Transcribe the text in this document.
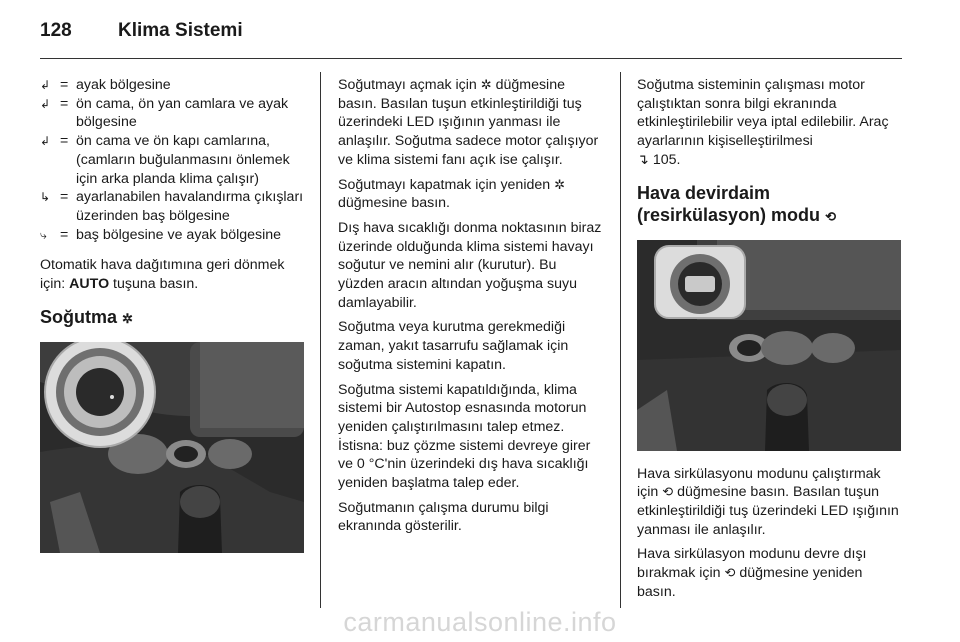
128 Klima Sistemi
↲ = ayak bölgesine
↲ = ön cama, ön yan camlara ve ayak bölgesine
↲ = ön cama ve ön kapı camlarına, (camların buğulanmasını önlemek için arka planda klima çalışır)
↳ = ayarlanabilen havalandırma çıkışları üzerinden baş bölgesine
⤷ = baş bölgesine ve ayak bölgesine

Otomatik hava dağıtımına geri dönmek için: AUTO tuşuna basın.

Soğutma ✲

Soğutmayı açmak için ✲ düğmesine basın. Basılan tuşun etkinleştirildiği tuş üzerindeki LED ışığının yanması ile anlaşılır. Soğutma sadece motor çalışıyor ve klima sistemi fanı açık ise çalışır.

Soğutmayı kapatmak için yeniden ✲ düğmesine basın.

Dış hava sıcaklığı donma noktasının biraz üzerinde olduğunda klima sistemi havayı soğutur ve nemini alır (kurutur). Bu yüzden aracın altından yoğuşma suyu damlayabilir.

Soğutma veya kurutma gerekmediği zaman, yakıt tasarrufu sağlamak için soğutma sistemini kapatın.

Soğutma sistemi kapatıldığında, klima sistemi bir Autostop esnasında motorun yeniden çalıştırılmasını talep etmez. İstisna: buz çözme sistemi devreye girer ve 0 °C'nin üzerindeki dış hava sıcaklığı yeniden başlatma talep eder.

Soğutmanın çalışma durumu bilgi ekranında gösterilir.

Soğutma sisteminin çalışması motor çalıştıktan sonra bilgi ekranında etkinleştirilebilir veya iptal edilebilir. Araç ayarlarının kişiselleştirilmesi
↴ 105.

Hava devirdaim (resirkülasyon) modu ⟲

Hava sirkülasyonu modunu çalıştırmak için ⟲ düğmesine basın. Basılan tuşun etkinleştirildiği tuş üzerindeki LED ışığının yanması ile anlaşılır.

Hava sirkülasyon modunu devre dışı bırakmak için ⟲ düğmesine yeniden basın.

carmanualsonline.info
